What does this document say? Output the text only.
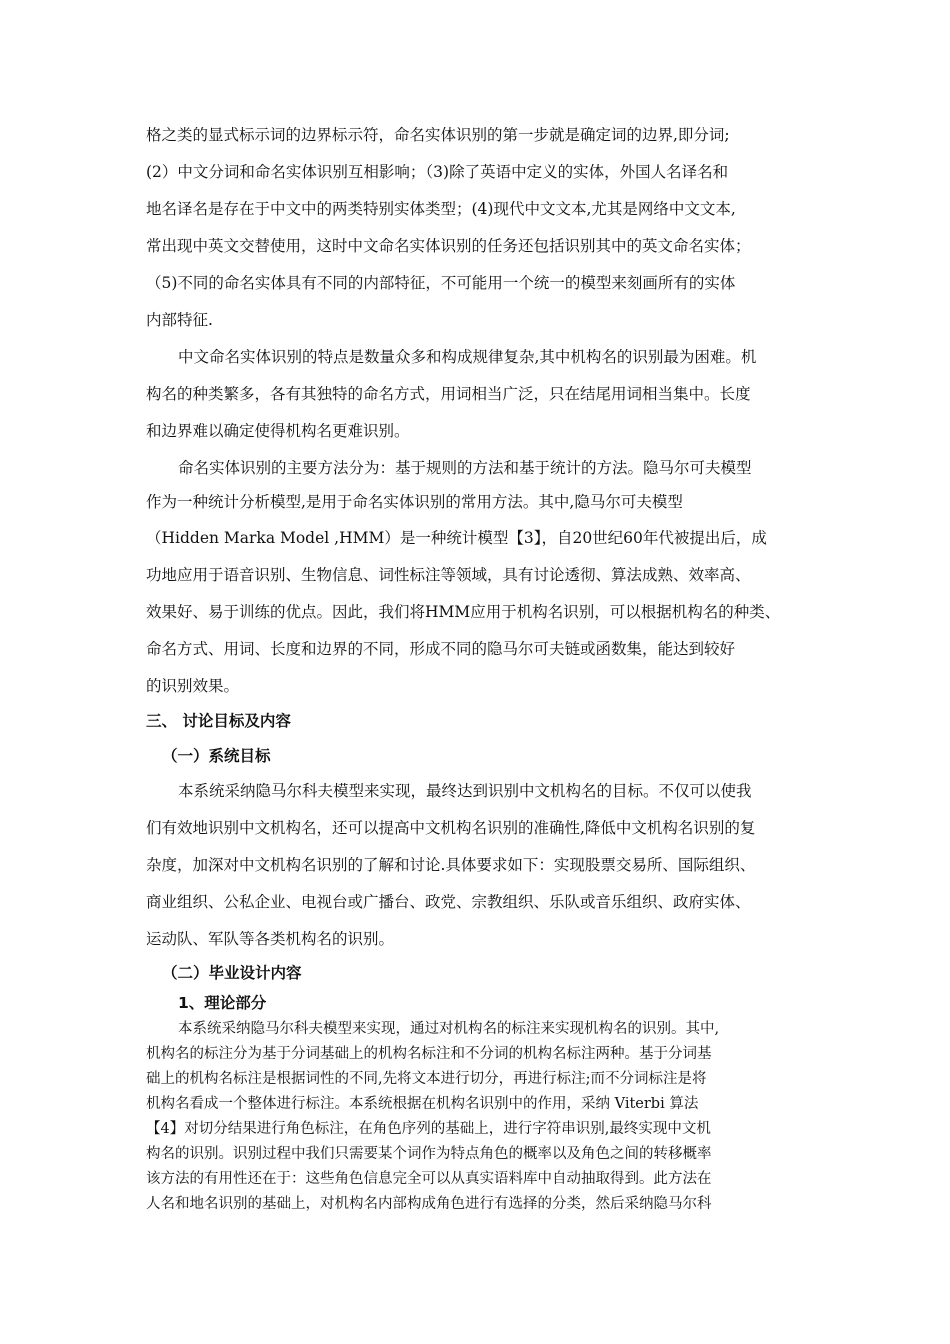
格之类的显式标示词的边界标示符，命名实体识别的第一步就是确定词的边界,即分词;
(2）中文分词和命名实体识别互相影响；（3)除了英语中定义的实体，外国人名译名和
地名译名是存在于中文中的两类特别实体类型；(4)现代中文文本,尤其是网络中文文本,
常出现中英文交替使用，这时中文命名实体识别的任务还包括识别其中的英文命名实体；
（5)不同的命名实体具有不同的内部特征，不可能用一个统一的模型来刻画所有的实体
内部特征.
中文命名实体识别的特点是数量众多和构成规律复杂,其中机构名的识别最为困难。机
构名的种类繁多，各有其独特的命名方式，用词相当广泛，只在结尾用词相当集中。长度
和边界难以确定使得机构名更难识别。
命名实体识别的主要方法分为：基于规则的方法和基于统计的方法。隐马尔可夫模型
作为一种统计分析模型,是用于命名实体识别的常用方法。其中,隐马尔可夫模型
（Hidden Marka Model ,HMM）是一种统计模型【3】，自20世纪60年代被提出后，成
功地应用于语音识别、生物信息、词性标注等领域，具有讨论透彻、算法成熟、效率高、
效果好、易于训练的优点。因此，我们将HMM应用于机构名识别，可以根据机构名的种类、
命名方式、用词、长度和边界的不同，形成不同的隐马尔可夫链或函数集，能达到较好
的识别效果。
三、 讨论目标及内容
（一）系统目标
本系统采纳隐马尔科夫模型来实现，最终达到识别中文机构名的目标。不仅可以使我
们有效地识别中文机构名，还可以提高中文机构名识别的准确性,降低中文机构名识别的复
杂度，加深对中文机构名识别的了解和讨论.具体要求如下：实现股票交易所、国际组织、
商业组织、公私企业、电视台或广播台、政党、宗教组织、乐队或音乐组织、政府实体、
运动队、军队等各类机构名的识别。
（二）毕业设计内容
1、理论部分
本系统采纳隐马尔科夫模型来实现，通过对机构名的标注来实现机构名的识别。其中,
机构名的标注分为基于分词基础上的机构名标注和不分词的机构名标注两种。基于分词基
础上的机构名标注是根据词性的不同,先将文本进行切分，再进行标注;而不分词标注是将
机构名看成一个整体进行标注。本系统根据在机构名识别中的作用，采纳 Viterbi 算法
【4】对切分结果进行角色标注，在角色序列的基础上，进行字符串识别,最终实现中文机
构名的识别。识别过程中我们只需要某个词作为特点角色的概率以及角色之间的转移概率
该方法的有用性还在于：这些角色信息完全可以从真实语料库中自动抽取得到。此方法在
人名和地名识别的基础上，对机构名内部构成角色进行有选择的分类，然后采纳隐马尔科
